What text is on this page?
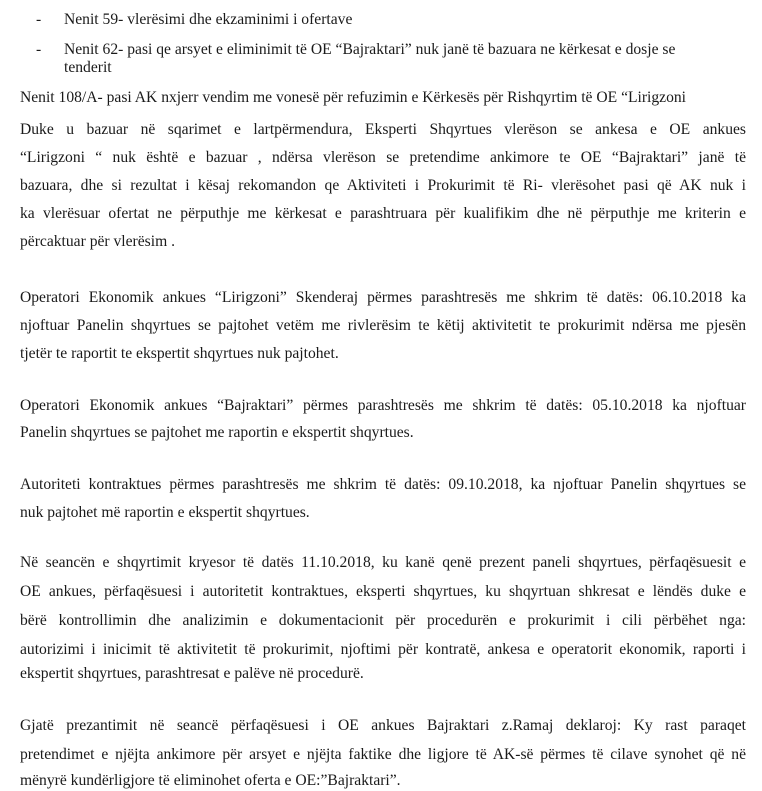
- Nenit 59- vlerësimi dhe ekzaminimi i ofertave
- Nenit 62- pasi qe arsyet e eliminimit të OE “Bajraktari” nuk janë të bazuara ne kërkesat e dosje se
tenderit
Nenit 108/A- pasi AK nxjerr vendim me vonesë për refuzimin e Kërkesës për Rishqyrtim të OE “Lirigzoni
Duke u bazuar në sqarimet e lartpërmendura, Eksperti Shqyrtues vlerëson se ankesa e OE ankues
“Lirigzoni “ nuk është e bazuar , ndërsa vlerëson se pretendime ankimore te OE “Bajraktari” janë të
bazuara, dhe si rezultat i kësaj rekomandon qe Aktiviteti i Prokurimit të Ri- vlerësohet pasi që AK nuk i
ka vlerësuar ofertat ne përputhje me kërkesat e parashtruara për kualifikim dhe në përputhje me kriterin e
përcaktuar për vlerësim .
Operatori Ekonomik ankues “Lirigzoni” Skenderaj përmes parashtresës me shkrim të datës: 06.10.2018 ka
njoftuar Panelin shqyrtues se pajtohet vetëm me rivlerësim te këtij aktivitetit te prokurimit ndërsa me pjesën
tjetër te raportit te ekspertit shqyrtues nuk pajtohet.
Operatori Ekonomik ankues “Bajraktari” përmes parashtresës me shkrim të datës: 05.10.2018 ka njoftuar
Panelin shqyrtues se pajtohet me raportin e ekspertit shqyrtues.
Autoriteti kontraktues përmes parashtresës me shkrim të datës: 09.10.2018, ka njoftuar Panelin shqyrtues se
nuk pajtohet më raportin e ekspertit shqyrtues.
Në seancën e shqyrtimit kryesor të datës 11.10.2018, ku kanë qenë prezent paneli shqyrtues, përfaqësuesit e
OE ankues, përfaqësuesi i autoritetit kontraktues, eksperti shqyrtues, ku shqyrtuan shkresat e lëndës duke e
bërë kontrollimin dhe analizimin e dokumentacionit për procedurën e prokurimit i cili përbëhet nga:
autorizimi i inicimit të aktivitetit të prokurimit, njoftimi për kontratë, ankesa e operatorit ekonomik, raporti i
ekspertit shqyrtues, parashtresat e palëve në procedurë.
Gjatë prezantimit në seancë përfaqësuesi i OE ankues Bajraktari z.Ramaj deklaroj: Ky rast paraqet
pretendimet e njëjta ankimore për arsyet e njëjta faktike dhe ligjore të AK-së përmes të cilave synohet që në
mënyrë kundërligjore të eliminohet oferta e OE:”Bajraktari”.
